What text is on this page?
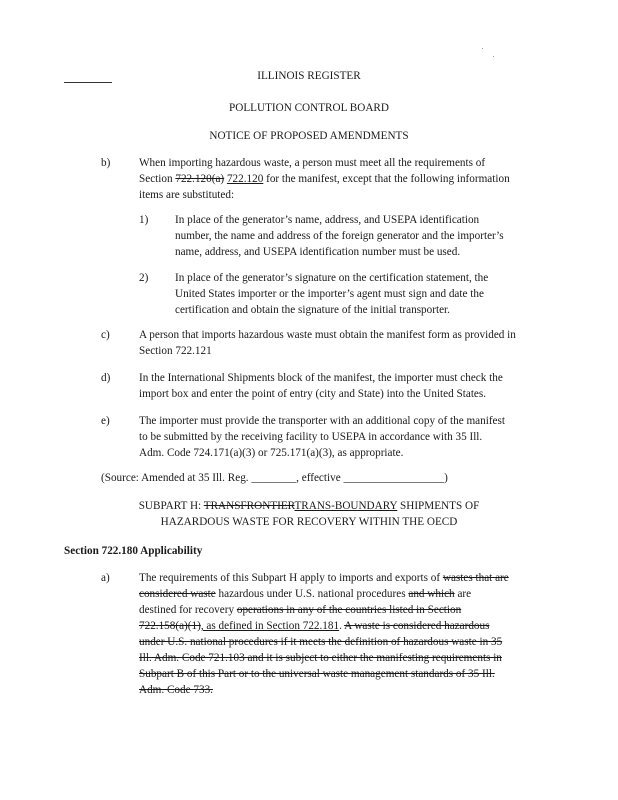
ILLINOIS REGISTER
POLLUTION CONTROL BOARD
NOTICE OF PROPOSED AMENDMENTS
b)	When importing hazardous waste, a person must meet all the requirements of
Section 722.120(a) 722.120 for the manifest, except that the following information
items are substituted:
1) In place of the generator’s name, address, and USEPA identification
number, the name and address of the foreign generator and the importer’s
name, address, and USEPA identification number must be used.
2) In place of the generator’s signature on the certification statement, the
United States importer or the importer’s agent must sign and date the
certification and obtain the signature of the initial transporter.
c)	A person that imports hazardous waste must obtain the manifest form as provided in
Section 722.121
d)	In the International Shipments block of the manifest, the importer must check the
import box and enter the point of entry (city and State) into the United States.
e)	The importer must provide the transporter with an additional copy of the manifest
to be submitted by the receiving facility to USEPA in accordance with 35 Ill.
Adm. Code 724.171(a)(3) or 725.171(a)(3), as appropriate.
(Source: Amended at 35 Ill. Reg. ________, effective __________________)
SUBPART H: TRANSFRONTIERTRANS-BOUNDARY SHIPMENTS OF
HAZARDOUS WASTE FOR RECOVERY WITHIN THE OECD
Section 722.180 Applicability
a)	The requirements of this Subpart H apply to imports and exports of wastes that are
considered waste hazardous under U.S. national procedures and which are
destined for recovery operations in any of the countries listed in Section
722.158(a)(1), as defined in Section 722.181. A waste is considered hazardous
under U.S. national procedures if it meets the definition of hazardous waste in 35
Ill. Adm. Code 721.103 and it is subject to either the manifesting requirements in
Subpart B of this Part or to the universal waste management standards of 35 Ill.
Adm. Code 733.
